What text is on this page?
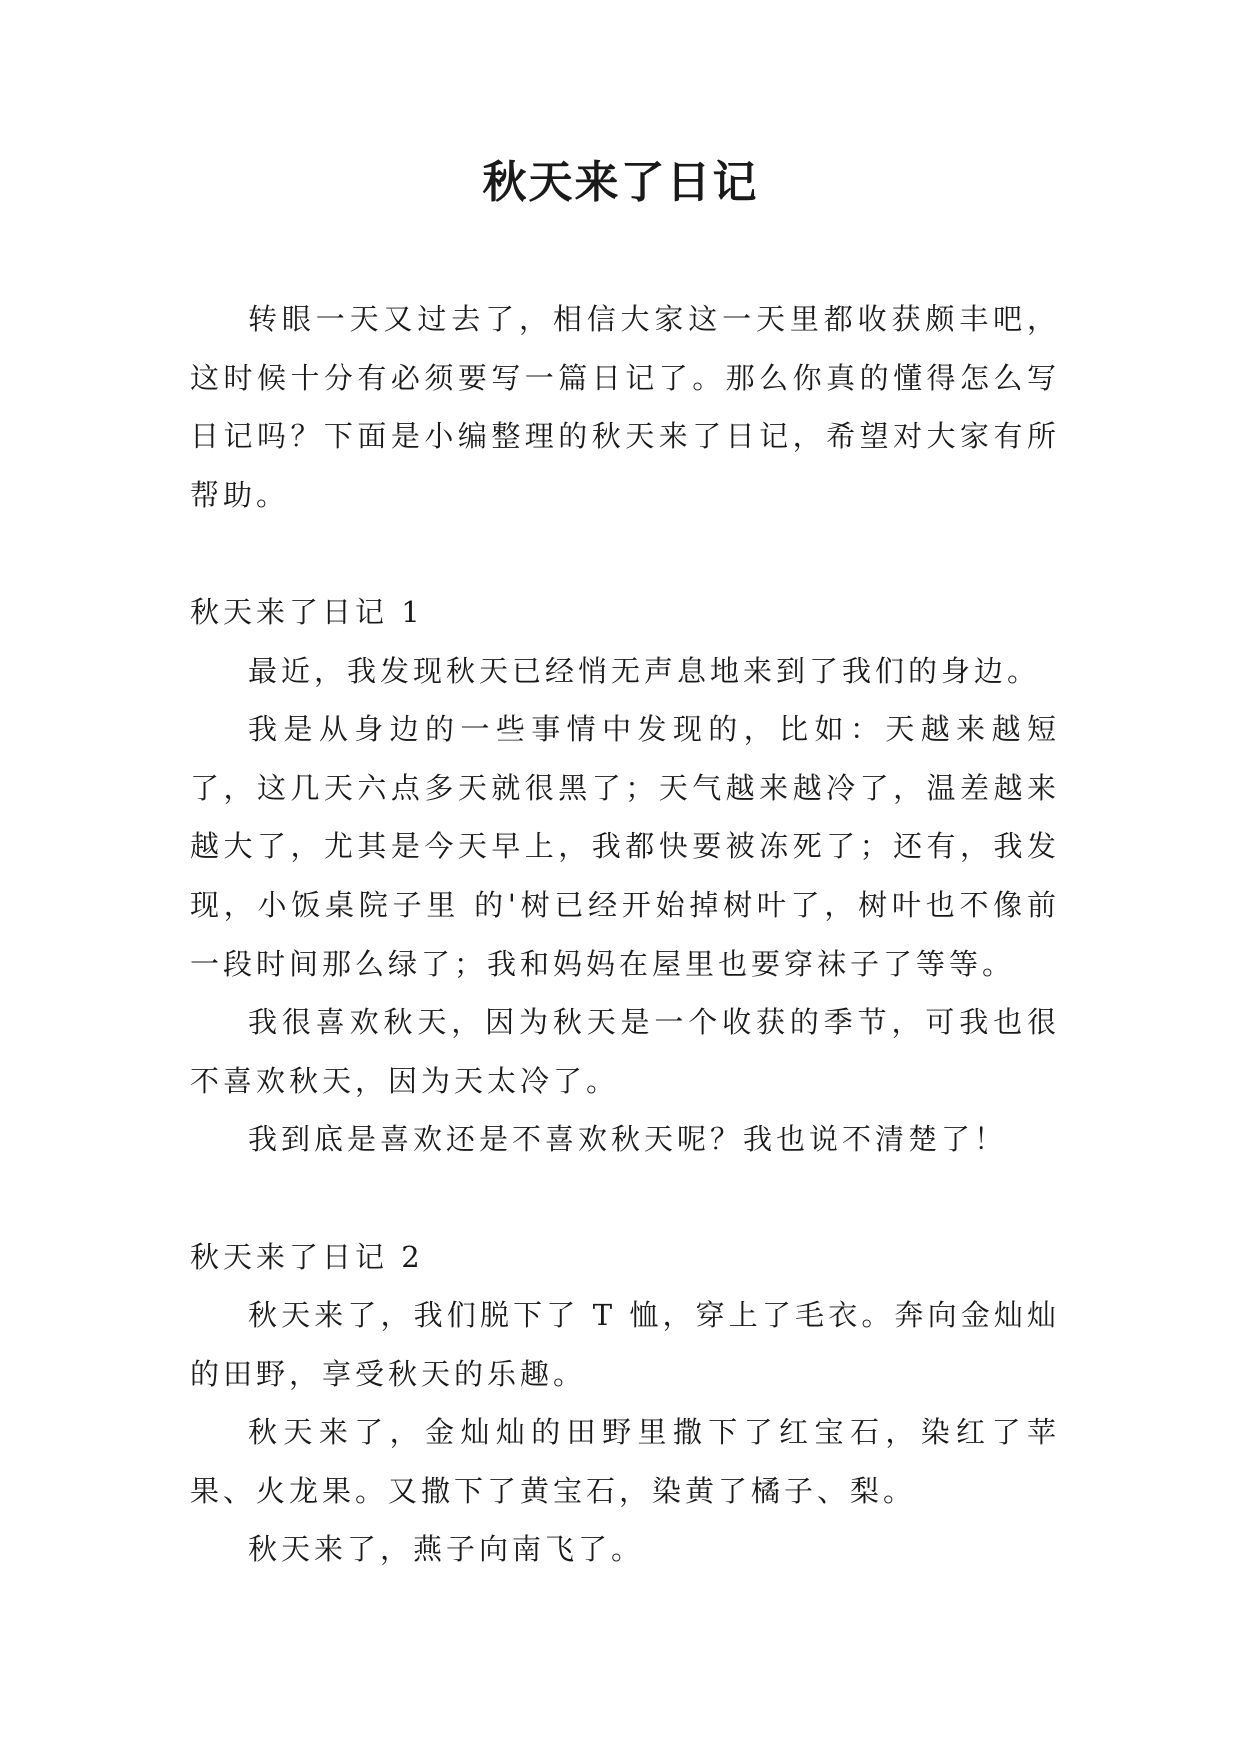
秋天来了日记

转眼一天又过去了，相信大家这一天里都收获颇丰吧，这时候十分有必须要写一篇日记了。那么你真的懂得怎么写日记吗？下面是小编整理的秋天来了日记，希望对大家有所帮助。

秋天来了日记 1

最近，我发现秋天已经悄无声息地来到了我们的身边。

我是从身边的一些事情中发现的，比如：天越来越短了，这几天六点多天就很黑了；天气越来越冷了，温差越来越大了，尤其是今天早上，我都快要被冻死了；还有，我发现，小饭桌院子里 的'树已经开始掉树叶了，树叶也不像前一段时间那么绿了；我和妈妈在屋里也要穿袜子了等等。

我很喜欢秋天，因为秋天是一个收获的季节，可我也很不喜欢秋天，因为天太冷了。

我到底是喜欢还是不喜欢秋天呢？我也说不清楚了！

秋天来了日记 2

秋天来了，我们脱下了 T 恤，穿上了毛衣。奔向金灿灿的田野，享受秋天的乐趣。

秋天来了，金灿灿的田野里撒下了红宝石，染红了苹果、火龙果。又撒下了黄宝石，染黄了橘子、梨。

秋天来了，燕子向南飞了。
